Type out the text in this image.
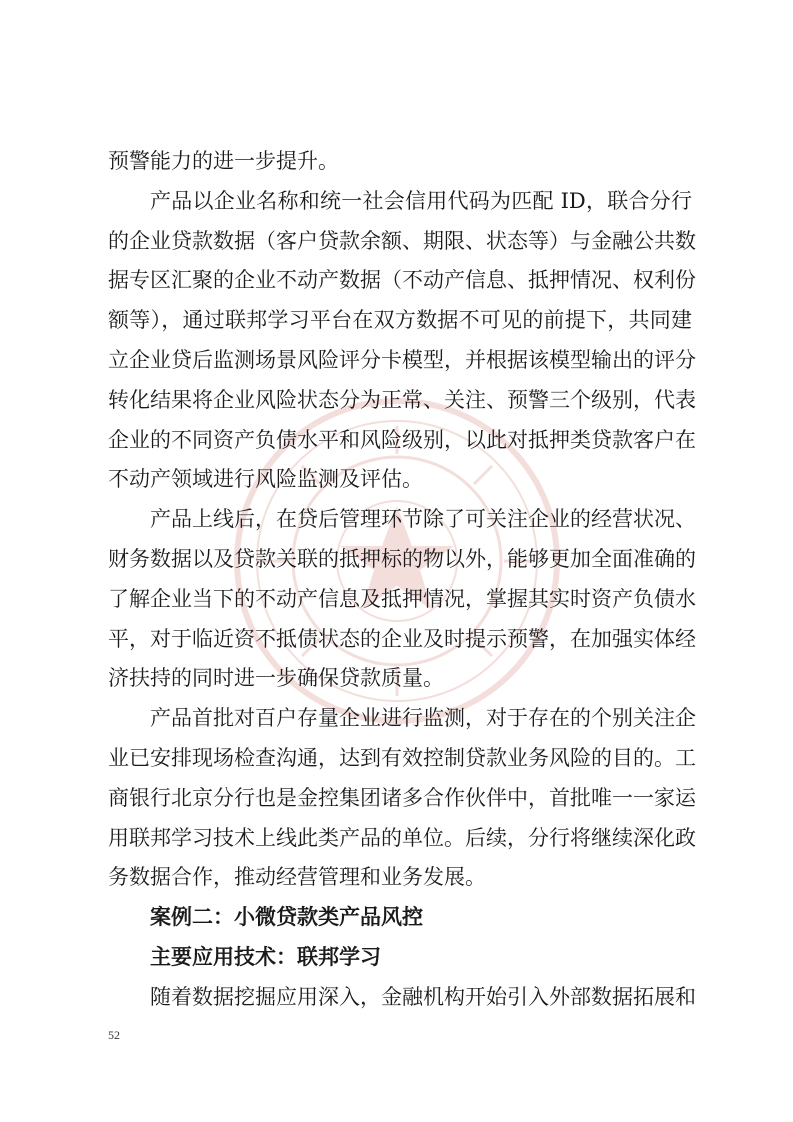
预警能力的进一步提升。
产品以企业名称和统一社会信用代码为匹配 ID，联合分行
的企业贷款数据（客户贷款余额、期限、状态等）与金融公共数
据专区汇聚的企业不动产数据（不动产信息、抵押情况、权利份
额等），通过联邦学习平台在双方数据不可见的前提下，共同建
立企业贷后监测场景风险评分卡模型，并根据该模型输出的评分
转化结果将企业风险状态分为正常、关注、预警三个级别，代表
企业的不同资产负债水平和风险级别，以此对抵押类贷款客户在
不动产领域进行风险监测及评估。
产品上线后，在贷后管理环节除了可关注企业的经营状况、
财务数据以及贷款关联的抵押标的物以外，能够更加全面准确的
了解企业当下的不动产信息及抵押情况，掌握其实时资产负债水
平，对于临近资不抵债状态的企业及时提示预警，在加强实体经
济扶持的同时进一步确保贷款质量。
产品首批对百户存量企业进行监测，对于存在的个别关注企
业已安排现场检查沟通，达到有效控制贷款业务风险的目的。工
商银行北京分行也是金控集团诸多合作伙伴中，首批唯一一家运
用联邦学习技术上线此类产品的单位。后续，分行将继续深化政
务数据合作，推动经营管理和业务发展。
案例二：小微贷款类产品风控
主要应用技术：联邦学习
随着数据挖掘应用深入，金融机构开始引入外部数据拓展和
52
